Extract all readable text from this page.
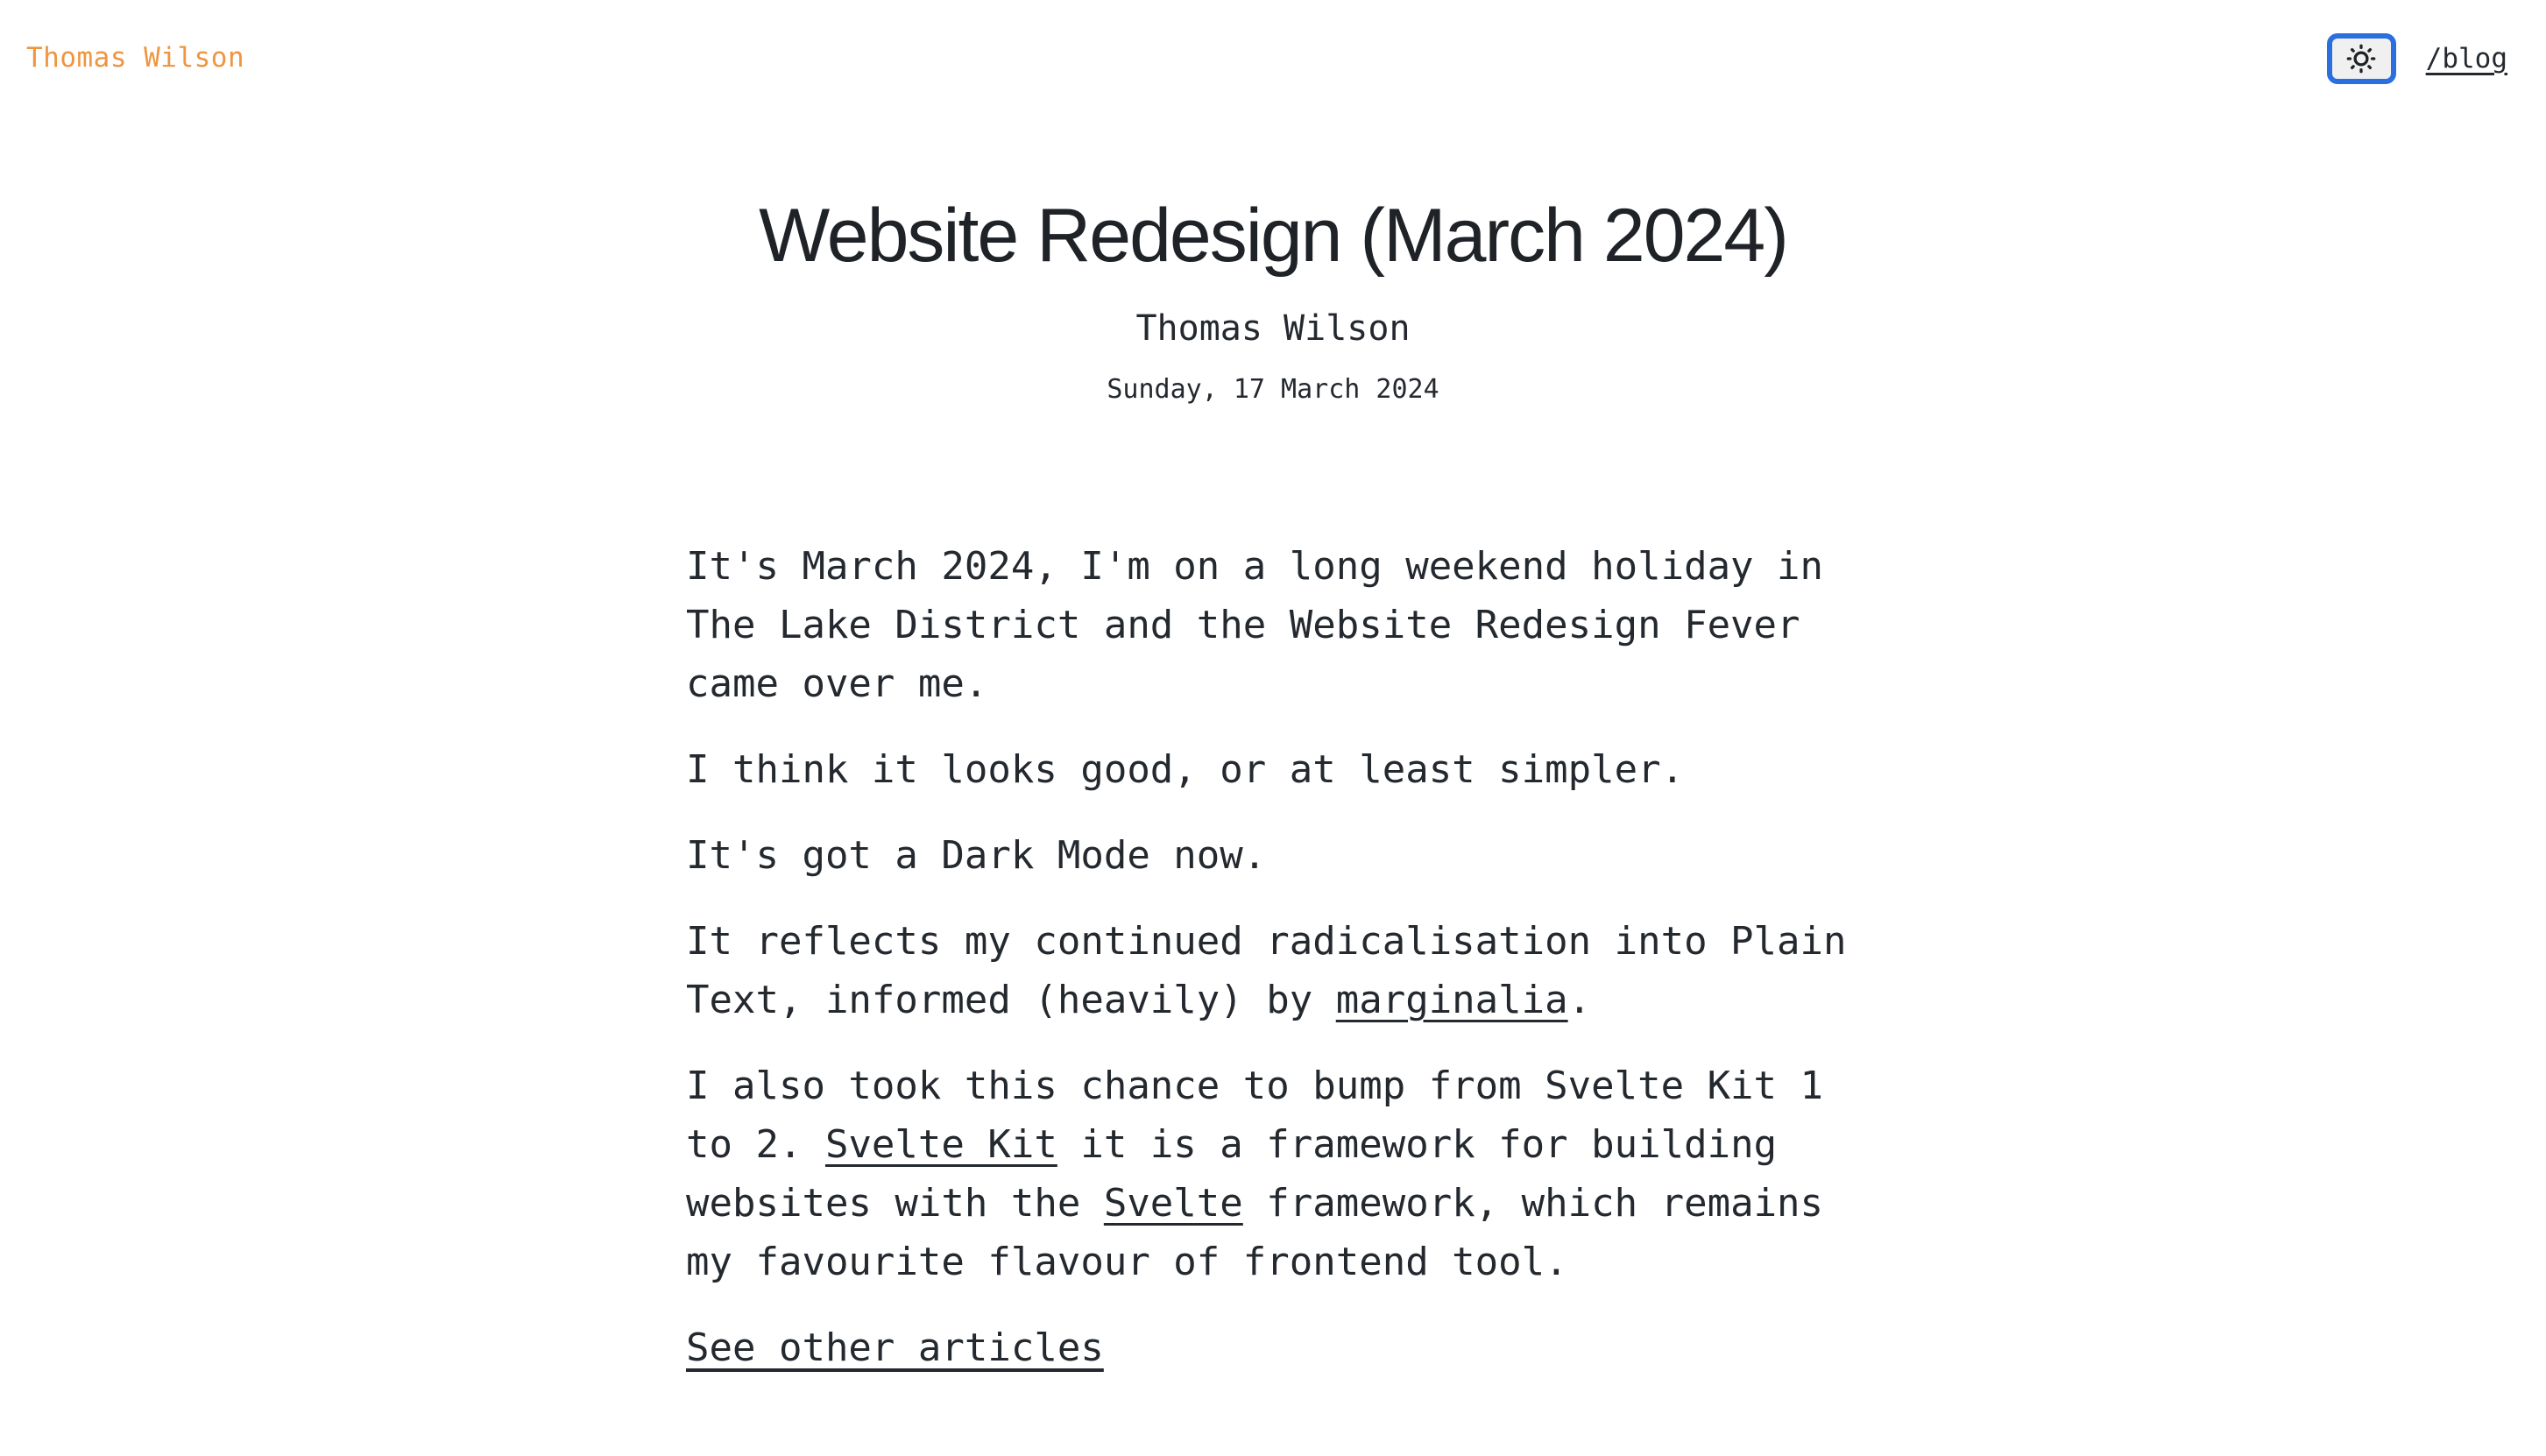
Thomas Wilson	/blog
Website Redesign (March 2024)

Thomas Wilson

Sunday, 17 March 2024

It's March 2024, I'm on a long weekend holiday in The Lake District and the Website Redesign Fever came over me.

I think it looks good, or at least simpler.

It's got a Dark Mode now.

It reflects my continued radicalisation into Plain Text, informed (heavily) by marginalia.

I also took this chance to bump from Svelte Kit 1 to 2. Svelte Kit it is a framework for building websites with the Svelte framework, which remains my favourite flavour of frontend tool.

See other articles
